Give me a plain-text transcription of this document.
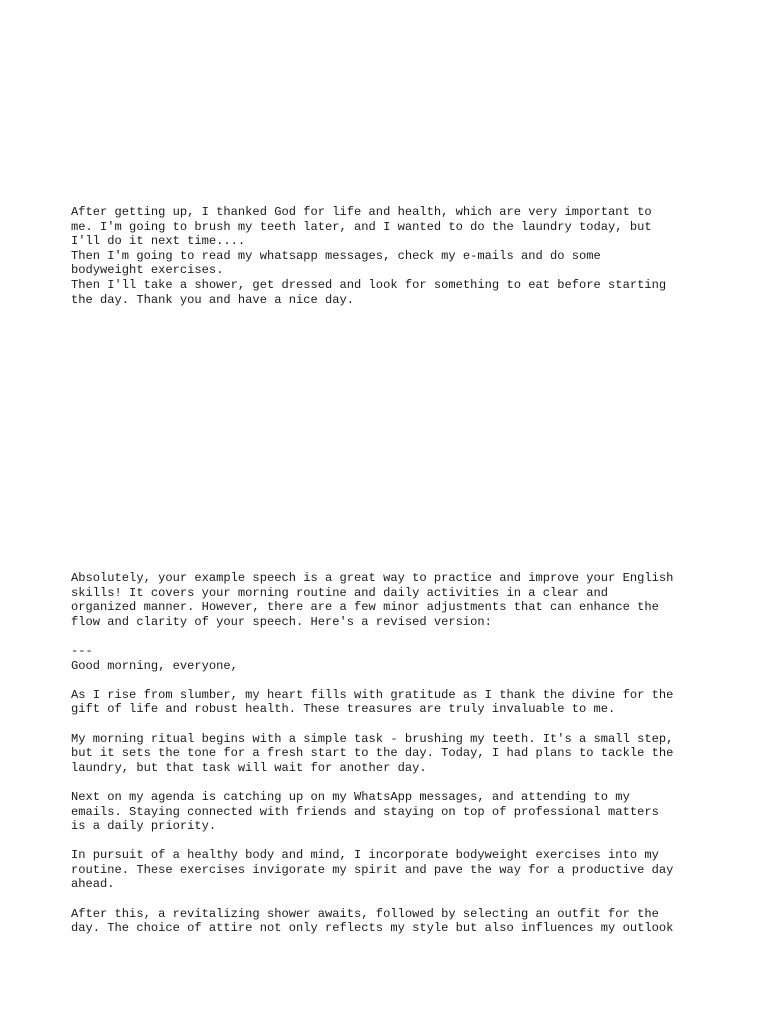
After getting up, I thanked God for life and health, which are very important to

me. I'm going to brush my teeth later, and I wanted to do the laundry today, but

I'll do it next time....

Then I'm going to read my whatsapp messages, check my e-mails and do some

bodyweight exercises.

Then I'll take a shower, get dressed and look for something to eat before starting

the day. Thank you and have a nice day.

Absolutely, your example speech is a great way to practice and improve your English

skills! It covers your morning routine and daily activities in a clear and

organized manner. However, there are a few minor adjustments that can enhance the

flow and clarity of your speech. Here's a revised version:

---

Good morning, everyone,

As I rise from slumber, my heart fills with gratitude as I thank the divine for the

gift of life and robust health. These treasures are truly invaluable to me.

My morning ritual begins with a simple task - brushing my teeth. It's a small step,

but it sets the tone for a fresh start to the day. Today, I had plans to tackle the

laundry, but that task will wait for another day.

Next on my agenda is catching up on my WhatsApp messages, and attending to my

emails. Staying connected with friends and staying on top of professional matters

is a daily priority.

In pursuit of a healthy body and mind, I incorporate bodyweight exercises into my

routine. These exercises invigorate my spirit and pave the way for a productive day

ahead.

After this, a revitalizing shower awaits, followed by selecting an outfit for the

day. The choice of attire not only reflects my style but also influences my outlook
